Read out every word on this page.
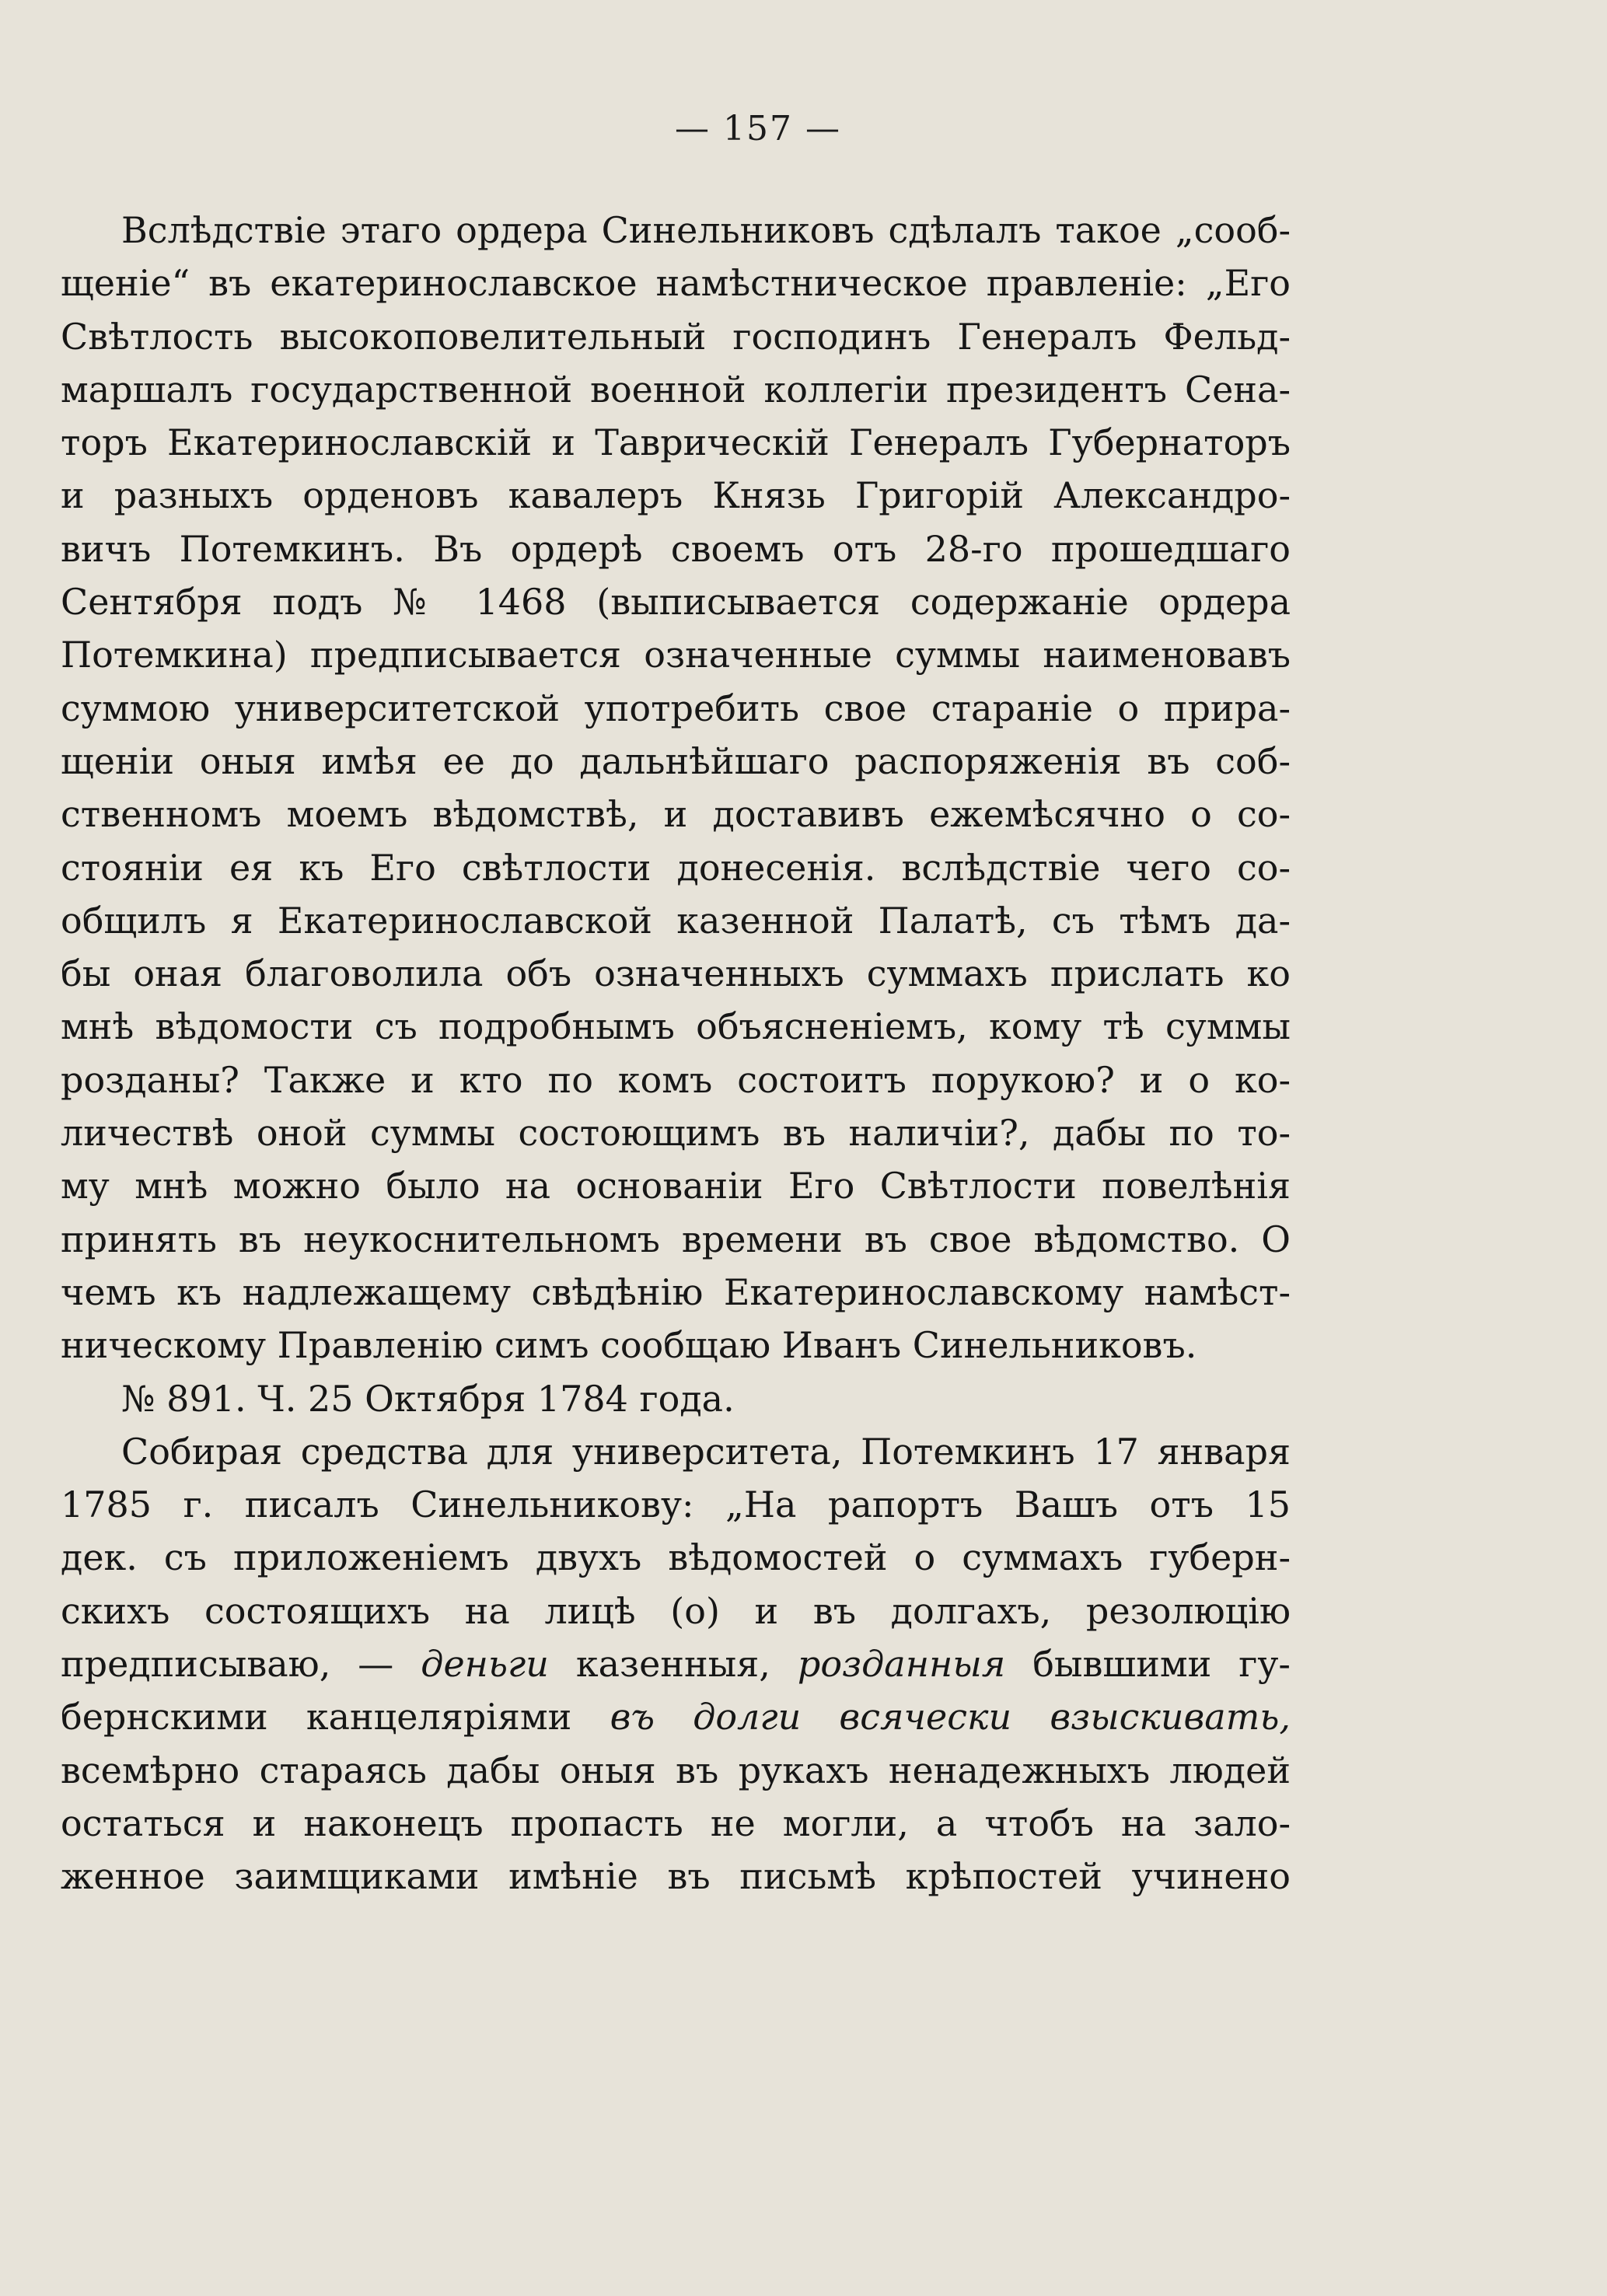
— 157 —
Вслѣдствіе этаго ордера Синельниковъ сдѣлалъ такое „сооб-
щеніе“ въ екатеринославское намѣстническое правленіе: „Его
Свѣтлость высокоповелительный господинъ Генералъ Фельд-
маршалъ государственной военной коллегіи президентъ Сена-
торъ Екатеринославскій и Таврическій Генералъ Губернаторъ
и разныхъ орденовъ кавалеръ Князь Григорій Александро-
вичъ Потемкинъ. Въ ордерѣ своемъ отъ 28-го прошедшаго
Сентября подъ № 1468 (выписывается содержаніе ордера
Потемкина) предписывается означенные суммы наименовавъ
суммою университетской употребить свое стараніе о прира-
щеніи оныя имѣя ее до дальнѣйшаго распоряженія въ соб-
ственномъ моемъ вѣдомствѣ, и доставивъ ежемѣсячно о со-
стояніи ея къ Его свѣтлости донесенія. вслѣдствіе чего со-
общилъ я Екатеринославской казенной Палатѣ, съ тѣмъ да-
бы оная благоволила объ означенныхъ суммахъ прислать ко
мнѣ вѣдомости съ подробнымъ объясненіемъ, кому тѣ суммы
розданы? Также и кто по комъ состоитъ порукою? и о ко-
личествѣ оной суммы состоющимъ въ наличіи?, дабы по то-
му мнѣ можно было на основаніи Его Свѣтлости повелѣнія
принять въ неукоснительномъ времени въ свое вѣдомство. О
чемъ къ надлежащему свѣдѣнію Екатеринославскому намѣст-
ническому Правленію симъ сообщаю Иванъ Синельниковъ.
№ 891. Ч. 25 Октября 1784 года.
Собирая средства для университета, Потемкинъ 17 января
1785 г. писалъ Синельникову: „На рапортъ Вашъ отъ 15
дек. съ приложеніемъ двухъ вѣдомостей о суммахъ губерн-
скихъ состоящихъ на лицѣ (о) и въ долгахъ, резолюцію
предписываю, — деньги казенныя, розданныя бывшими гу-
бернскими канцеляріями въ долги всячески взыскивать,
всемѣрно стараясь дабы оныя въ рукахъ ненадежныхъ людей
остаться и наконецъ пропасть не могли, а чтобъ на зало-
женное заимщиками имѣніе въ письмѣ крѣпостей учинено
